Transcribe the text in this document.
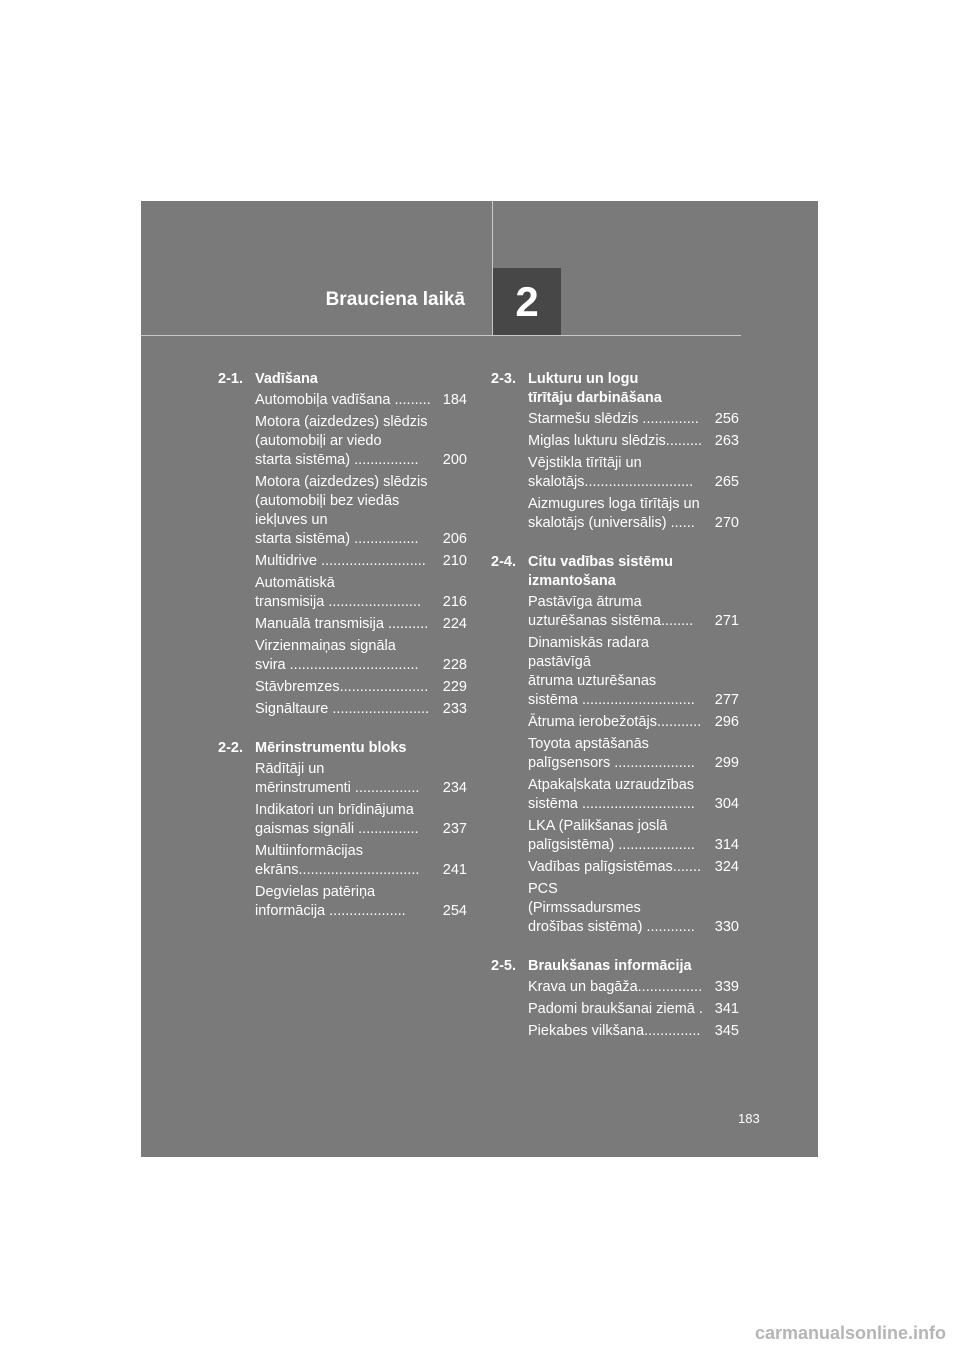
Brauciena laikā	2
2-1. Vadīšana
Automobiļa vadīšana ......... 184
Motora (aizdedzes) slēdzis
(automobiļi ar viedo
starta sistēma) ................	200
Motora (aizdedzes) slēdzis
(automobiļi bez viedās
iekļuves un
starta sistēma) ................	206
Multidrive ..........................	210
Automātiskā
transmisija .......................	216
Manuālā transmisija ..........	224
Virzienmaiņas signāla
svira ................................	228
Stāvbremzes......................	229
Signāltaure ........................ 233
2-2. Mērinstrumentu bloks
Rādītāji un
mērinstrumenti ................	234
Indikatori un brīdinājuma
gaismas signāli ...............	237
Multiinformācijas
ekrāns..............................	241
Degvielas patēriņa
informācija ...................	254
2-3. Lukturu un logu
tīrītāju darbināšana
Starmešu slēdzis ..............	256
Miglas lukturu slēdzis......... 263
Vējstikla tīrītāji un
skalotājs...........................	265
Aizmugures loga tīrītājs un
skalotājs (universālis) ......	270
2-4. Citu vadības sistēmu
izmantošana
Pastāvīga ātruma
uzturēšanas sistēma........	271
Dinamiskās radara pastāvīgā
ātruma uzturēšanas
sistēma ............................	277
Ātruma ierobežotājs........... 296
Toyota apstāšanās
palīgsensors ....................	299
Atpakaļskata uzraudzības
sistēma ............................	304
LKA (Palikšanas joslā
palīgsistēma) ...................	314
Vadības palīgsistēmas....... 324
PCS
(Pirmssadursmes
drošības sistēma) ............	330
2-5. Braukšanas informācija
Krava un bagāža................ 339
Padomi braukšanai ziemā . 341
Piekabes vilkšana.............. 345
183
carmanualsonline.info
